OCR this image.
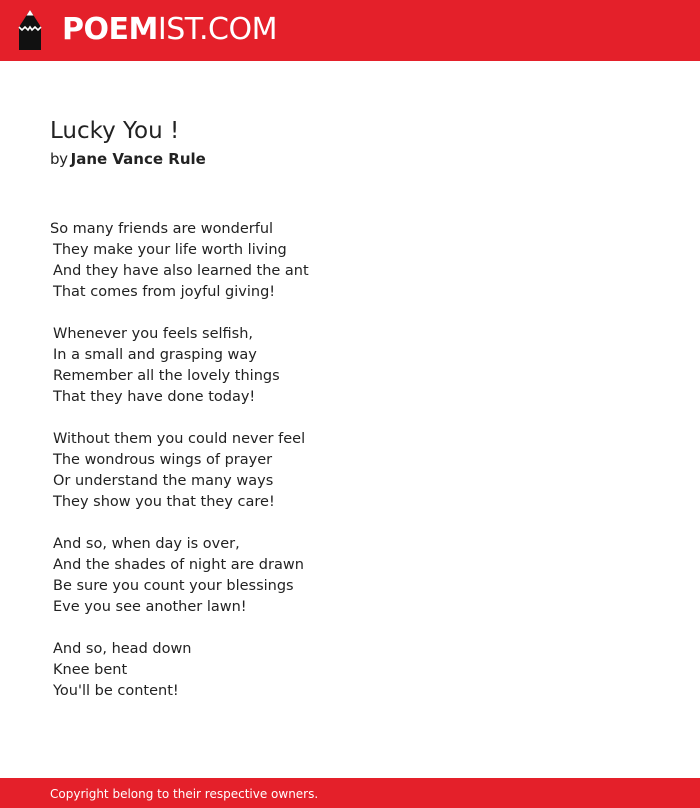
POEMIST.COM
Lucky You !
by Jane Vance Rule
So many friends are wonderful
They make your life worth living
And they have also learned the ant
That comes from joyful giving!
Whenever you feels selfish,
In a small and grasping way
Remember all the lovely things
That they have done today!
Without them you could never feel
The wondrous wings of prayer
Or understand the many ways
They show you that they care!
And so, when day is over,
And the shades of night are drawn
Be sure you count your blessings
Eve you see another lawn!
And so, head down
Knee bent
You'll be content!
Copyright belong to their respective owners.
